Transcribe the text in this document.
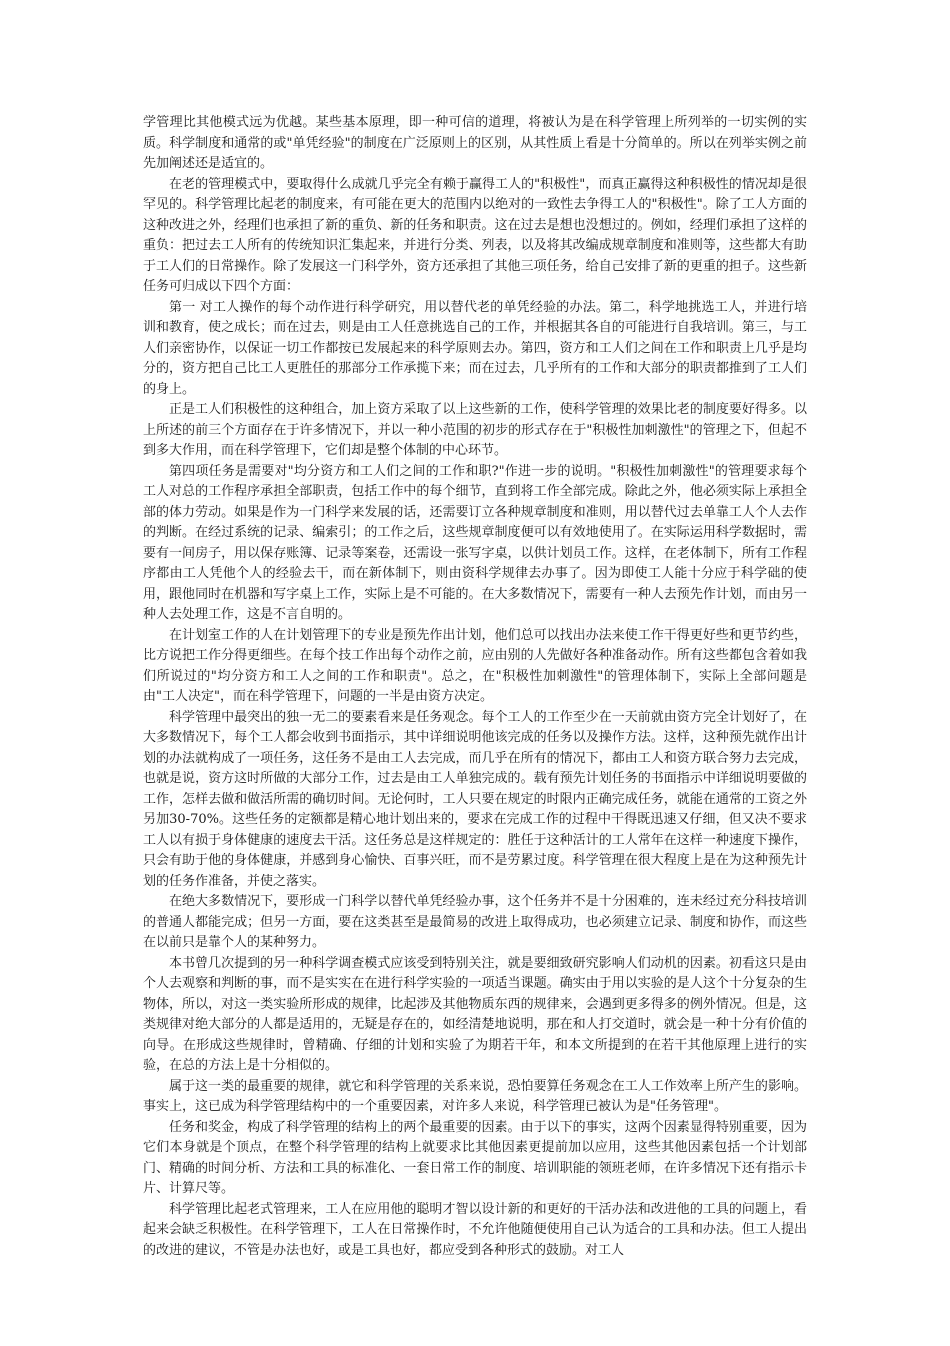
学管理比其他模式远为优越。某些基本原理，即一种可信的道理，将被认为是在科学管理上所列举的一切实例的实质。科学制度和通常的或"单凭经验"的制度在广泛原则上的区别，从其性质上看是十分简单的。所以在列举实例之前先加阐述还是适宜的。

在老的管理模式中，要取得什么成就几乎完全有赖于赢得工人的"积极性"，而真正赢得这种积极性的情况却是很罕见的。科学管理比起老的制度来，有可能在更大的范围内以绝对的一致性去争得工人的"积极性"。除了工人方面的这种改进之外，经理们也承担了新的重负、新的任务和职责。这在过去是想也没想过的。例如，经理们承担了这样的重负：把过去工人所有的传统知识汇集起来，并进行分类、列表，以及将其改编成规章制度和准则等，这些都大有助于工人们的日常操作。除了发展这一门科学外，资方还承担了其他三项任务，给自己安排了新的更重的担子。这些新任务可归成以下四个方面：

第一 对工人操作的每个动作进行科学研究，用以替代老的单凭经验的办法。第二，科学地挑选工人，并进行培训和教育，使之成长；而在过去，则是由工人任意挑选自己的工作，并根据其各自的可能进行自我培训。第三，与工人们亲密协作，以保证一切工作都按已发展起来的科学原则去办。第四，资方和工人们之间在工作和职责上几乎是均分的，资方把自己比工人更胜任的那部分工作承揽下来；而在过去，几乎所有的工作和大部分的职责都推到了工人们的身上。

正是工人们积极性的这种组合，加上资方采取了以上这些新的工作，使科学管理的效果比老的制度要好得多。以上所述的前三个方面存在于许多情况下，并以一种小范围的初步的形式存在于"积极性加刺激性"的管理之下，但起不到多大作用，而在科学管理下，它们却是整个体制的中心环节。

第四项任务是需要对"均分资方和工人们之间的工作和职?"作进一步的说明。"积极性加刺激性"的管理要求每个工人对总的工作程序承担全部职责，包括工作中的每个细节，直到将工作全部完成。除此之外，他必须实际上承担全部的体力劳动。如果是作为一门科学来发展的话，还需要订立各种规章制度和准则，用以替代过去单靠工人个人去作的判断。在经过系统的记录、编索引；的工作之后，这些规章制度便可以有效地使用了。在实际运用科学数据时，需要有一间房子，用以保存账簿、记录等案卷，还需设一张写字桌，以供计划员工作。这样，在老体制下，所有工作程序都由工人凭他个人的经验去干，而在新体制下，则由资科学规律去办事了。因为即使工人能十分应于科学础的使用，跟他同时在机器和写字桌上工作，实际上是不可能的。在大多数情况下，需要有一种人去预先作计划，而由另一种人去处理工作，这是不言自明的。

在计划室工作的人在计划管理下的专业是预先作出计划，他们总可以找出办法来使工作干得更好些和更节约些，比方说把工作分得更细些。在每个技工作出每个动作之前，应由别的人先做好各种准备动作。所有这些都包含着如我们所说过的"均分资方和工人之间的工作和职责"。总之，在"积极性加刺激性"的管理体制下，实际上全部问题是由"工人决定"，而在科学管理下，问题的一半是由资方决定。

科学管理中最突出的独一无二的要素看来是任务观念。每个工人的工作至少在一天前就由资方完全计划好了，在大多数情况下，每个工人都会收到书面指示，其中详细说明他该完成的任务以及操作方法。这样，这种预先就作出计划的办法就构成了一项任务，这任务不是由工人去完成，而几乎在所有的情况下，都由工人和资方联合努力去完成，也就是说，资方这时所做的大部分工作，过去是由工人单独完成的。载有预先计划任务的书面指示中详细说明要做的工作，怎样去做和做活所需的确切时间。无论何时，工人只要在规定的时限内正确完成任务，就能在通常的工资之外另加30-70%。这些任务的定额都是精心地计划出来的，要求在完成工作的过程中干得既迅速又仔细，但又决不要求工人以有损于身体健康的速度去干活。这任务总是这样规定的：胜任于这种活计的工人常年在这样一种速度下操作，只会有助于他的身体健康，并感到身心愉快、百事兴旺，而不是劳累过度。科学管理在很大程度上是在为这种预先计划的任务作准备，并使之落实。

在绝大多数情况下，要形成一门科学以替代单凭经验办事，这个任务并不是十分困难的，连未经过充分科技培训的普通人都能完成；但另一方面，要在这类甚至是最简易的改进上取得成功，也必须建立记录、制度和协作，而这些在以前只是靠个人的某种努力。

本书曾几次提到的另一种科学调查模式应该受到特别关注，就是要细致研究影响人们动机的因素。初看这只是由个人去观察和判断的事，而不是实实在在进行科学实验的一项适当课题。确实由于用以实验的是人这个十分复杂的生物体，所以，对这一类实验所形成的规律，比起涉及其他物质东西的规律来，会遇到更多得多的例外情况。但是，这类规律对绝大部分的人都是适用的，无疑是存在的，如经清楚地说明，那在和人打交道时，就会是一种十分有价值的向导。在形成这些规律时，曾精确、仔细的计划和实验了为期若干年，和本文所提到的在若干其他原理上进行的实验，在总的方法上是十分相似的。

属于这一类的最重要的规律，就它和科学管理的关系来说，恐怕要算任务观念在工人工作效率上所产生的影响。事实上，这已成为科学管理结构中的一个重要因素，对许多人来说，科学管理已被认为是"任务管理"。

任务和奖金，构成了科学管理的结构上的两个最重要的因素。由于以下的事实，这两个因素显得特别重要，因为它们本身就是个顶点，在整个科学管理的结构上就要求比其他因素更提前加以应用，这些其他因素包括一个计划部门、精确的时间分析、方法和工具的标准化、一套日常工作的制度、培训职能的领班老师，在许多情况下还有指示卡片、计算尺等。

科学管理比起老式管理来，工人在应用他的聪明才智以设计新的和更好的干活办法和改进他的工具的问题上，看起来会缺乏积极性。在科学管理下，工人在日常操作时，不允许他随便使用自己认为适合的工具和办法。但工人提出的改进的建议，不管是办法也好，或是工具也好，都应受到各种形式的鼓励。对工人
